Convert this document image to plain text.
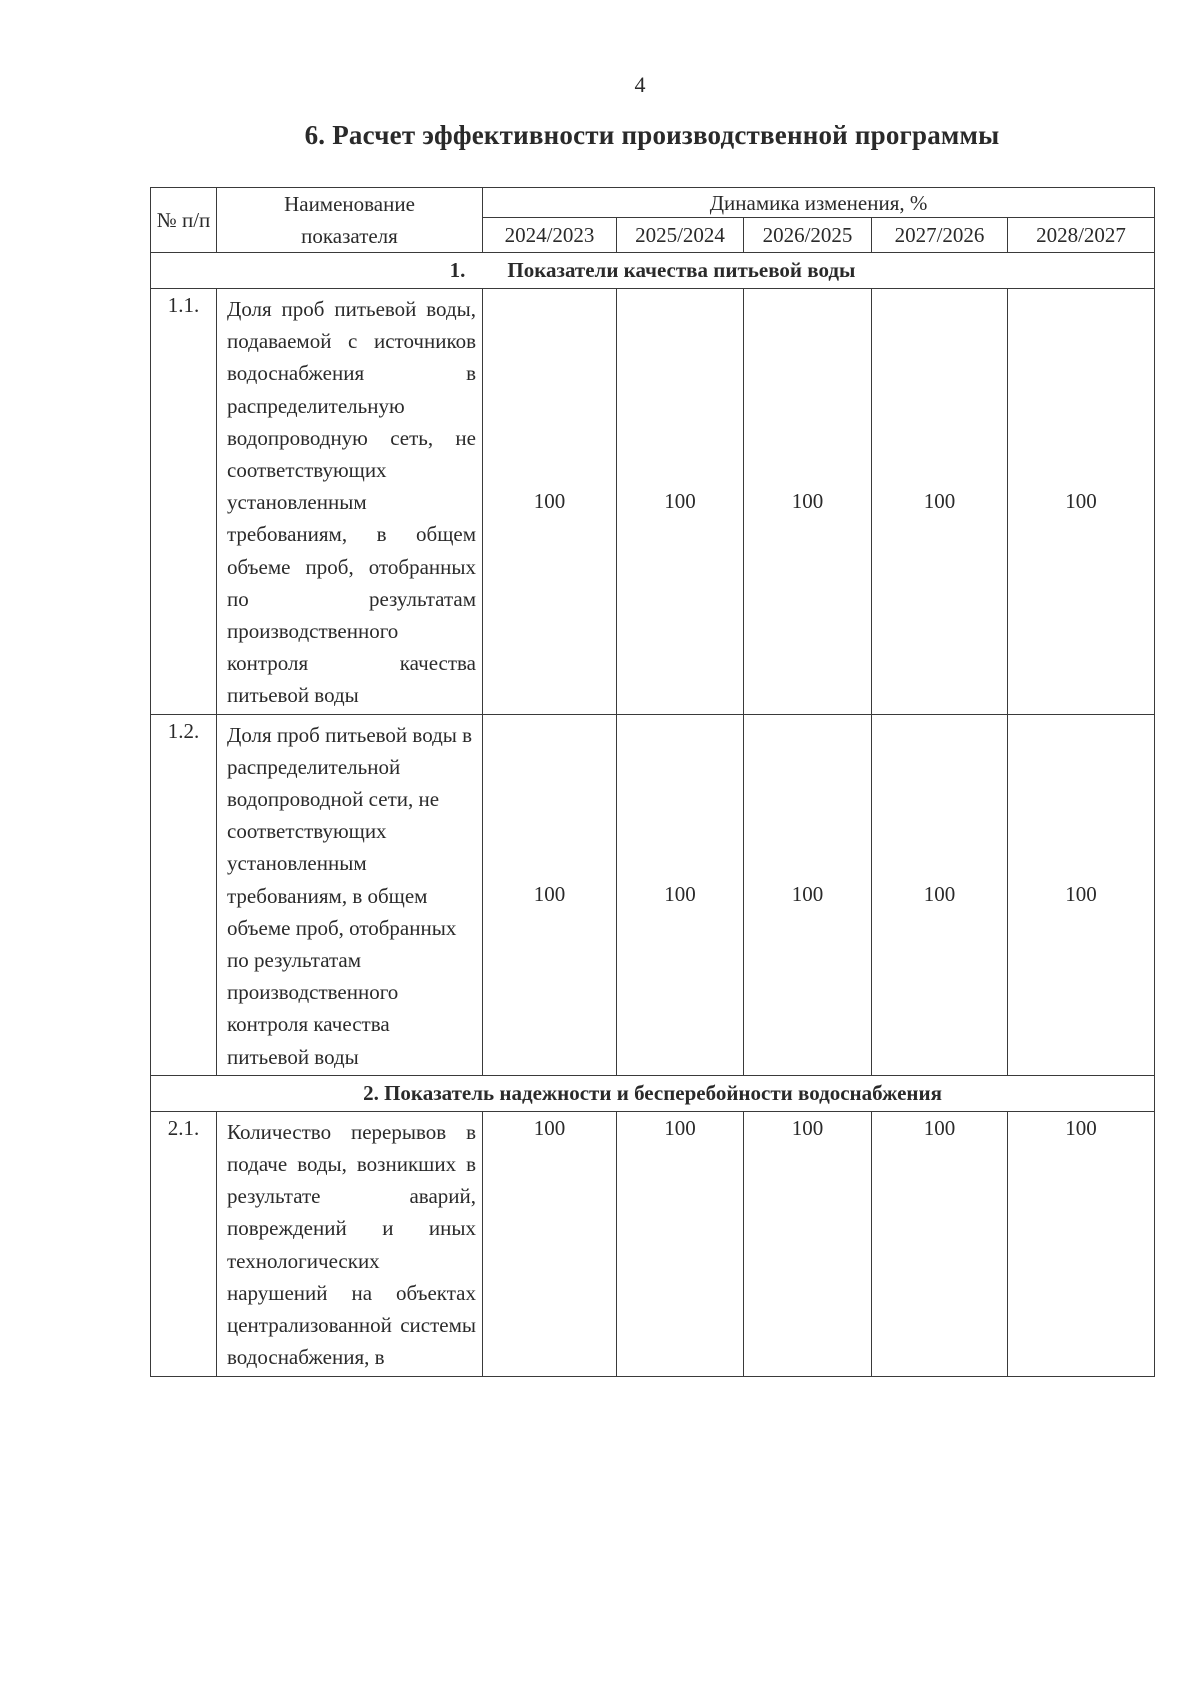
4
6. Расчет эффективности производственной программы
№ п/п	Наименование показателя	Динамика изменения, %				
		2024/2023	2025/2024	2026/2025	2027/2026	2028/2027
1.        Показатели качества питьевой воды						
1.1.	Доля проб питьевой воды, подаваемой с источников водоснабжения в распределительную водопроводную сеть, не соответствующих установленным требованиям, в общем объеме проб, отобранных по результатам производственного контроля качества питьевой воды	100	100	100	100	100
1.2.	Доля проб питьевой воды в распределительной водопроводной сети, не соответствующих установленным требованиям, в общем объеме проб, отобранных по результатам производственного контроля качества питьевой воды	100	100	100	100	100
2. Показатель надежности и бесперебойности водоснабжения						
2.1.	Количество перерывов в подаче воды, возникших в результате аварий, повреждений и иных технологических нарушений на объектах централизованной системы водоснабжения, в	100	100	100	100	100
